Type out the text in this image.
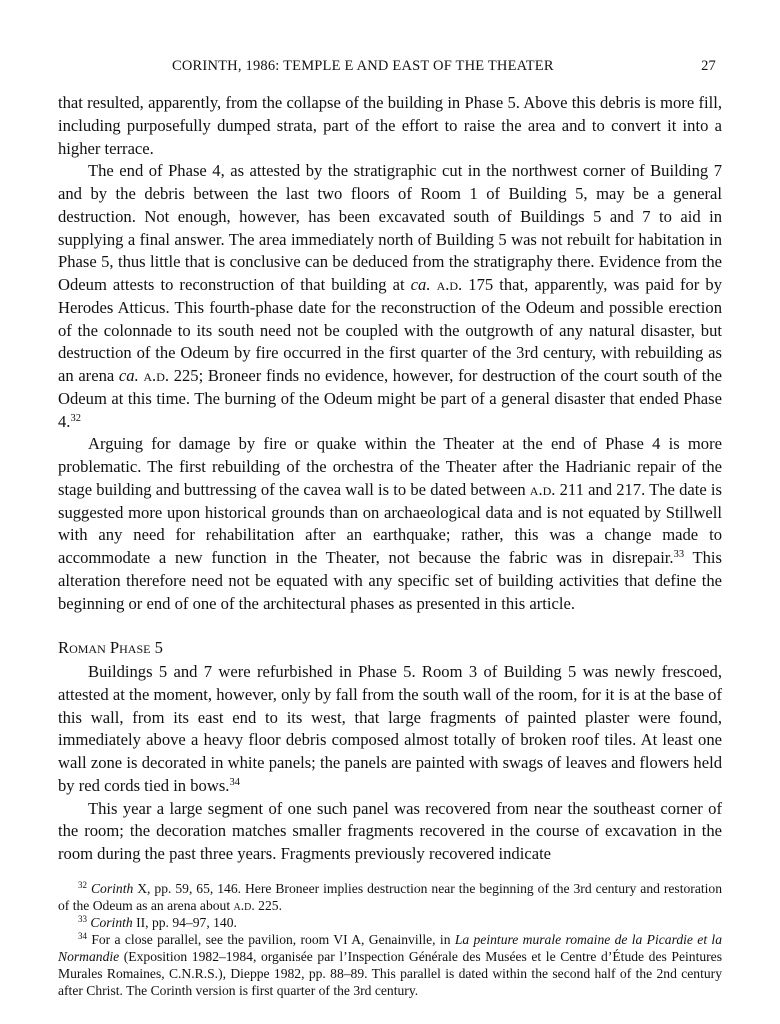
CORINTH, 1986: TEMPLE E AND EAST OF THE THEATER	27

that resulted, apparently, from the collapse of the building in Phase 5. Above this debris is more fill, including purposefully dumped strata, part of the effort to raise the area and to convert it into a higher terrace.

The end of Phase 4, as attested by the stratigraphic cut in the northwest corner of Building 7 and by the debris between the last two floors of Room 1 of Building 5, may be a general destruction. Not enough, however, has been excavated south of Buildings 5 and 7 to aid in supplying a final answer. The area immediately north of Building 5 was not rebuilt for habitation in Phase 5, thus little that is conclusive can be deduced from the stratigraphy there. Evidence from the Odeum attests to reconstruction of that building at ca. a.d. 175 that, apparently, was paid for by Herodes Atticus. This fourth-phase date for the reconstruction of the Odeum and possible erection of the colonnade to its south need not be coupled with the outgrowth of any natural disaster, but destruction of the Odeum by fire occurred in the first quarter of the 3rd century, with rebuilding as an arena ca. a.d. 225; Broneer finds no evidence, however, for destruction of the court south of the Odeum at this time. The burning of the Odeum might be part of a general disaster that ended Phase 4.32

Arguing for damage by fire or quake within the Theater at the end of Phase 4 is more problematic. The first rebuilding of the orchestra of the Theater after the Hadrianic repair of the stage building and buttressing of the cavea wall is to be dated between a.d. 211 and 217. The date is suggested more upon historical grounds than on archaeological data and is not equated by Stillwell with any need for rehabilitation after an earthquake; rather, this was a change made to accommodate a new function in the Theater, not because the fabric was in disrepair.$^{33}$ This alteration therefore need not be equated with any specific set of building activities that define the beginning or end of one of the architectural phases as presented in this article.

Roman Phase 5

Buildings 5 and 7 were refurbished in Phase 5. Room 3 of Building 5 was newly frescoed, attested at the moment, however, only by fall from the south wall of the room, for it is at the base of this wall, from its east end to its west, that large fragments of painted plaster were found, immediately above a heavy floor debris composed almost totally of broken roof tiles. At least one wall zone is decorated in white panels; the panels are painted with swags of leaves and flowers held by red cords tied in bows.$^{34}$

This year a large segment of one such panel was recovered from near the southeast corner of the room; the decoration matches smaller fragments recovered in the course of excavation in the room during the past three years. Fragments previously recovered indicate

$^{32}$ Corinth X, pp. 59, 65, 146. Here Broneer implies destruction near the beginning of the 3rd century and restoration of the Odeum as an arena about a.d. 225.

$^{33}$ Corinth II, pp. 94–97, 140.

$^{34}$ For a close parallel, see the pavilion, room VI A, Genainville, in La peinture murale romaine de la Picardie et la Normandie (Exposition 1982–1984, organisée par l’Inspection Générale des Musées et le Centre d’Étude des Peintures Murales Romaines, C.N.R.S.), Dieppe 1982, pp. 88–89. This parallel is dated within the second half of the 2nd century after Christ. The Corinth version is first quarter of the 3rd century.
